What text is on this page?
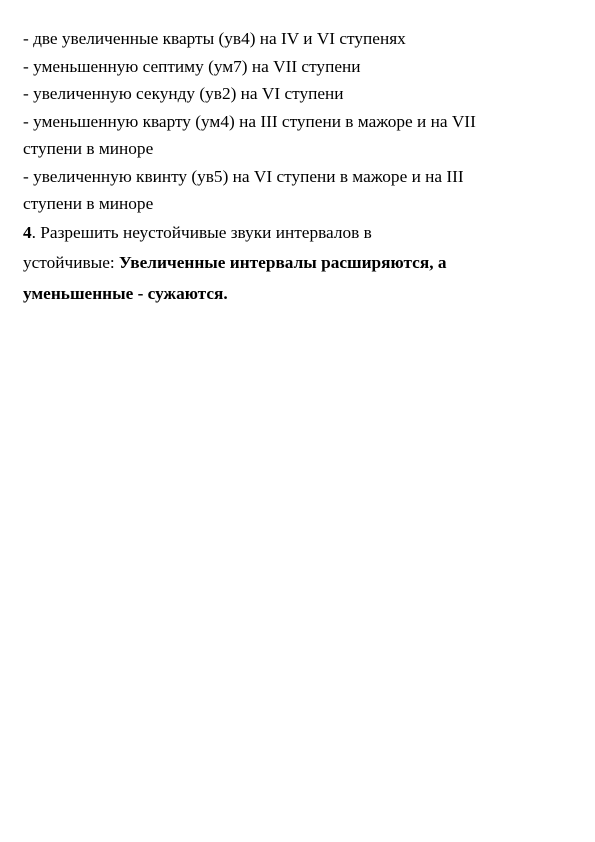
- две увеличенные кварты (ув4) на IV и VI ступенях
- уменьшенную септиму (ум7) на VII ступени
- увеличенную секунду (ув2) на VI ступени
- уменьшенную кварту (ум4) на III ступени в мажоре и на VII
ступени в миноре
- увеличенную квинту (ув5) на VI ступени в мажоре и на III
ступени в миноре
4. Разрешить неустойчивые звуки интервалов в
устойчивые: Увеличенные интервалы расширяются, а
уменьшенные - сужаются.
